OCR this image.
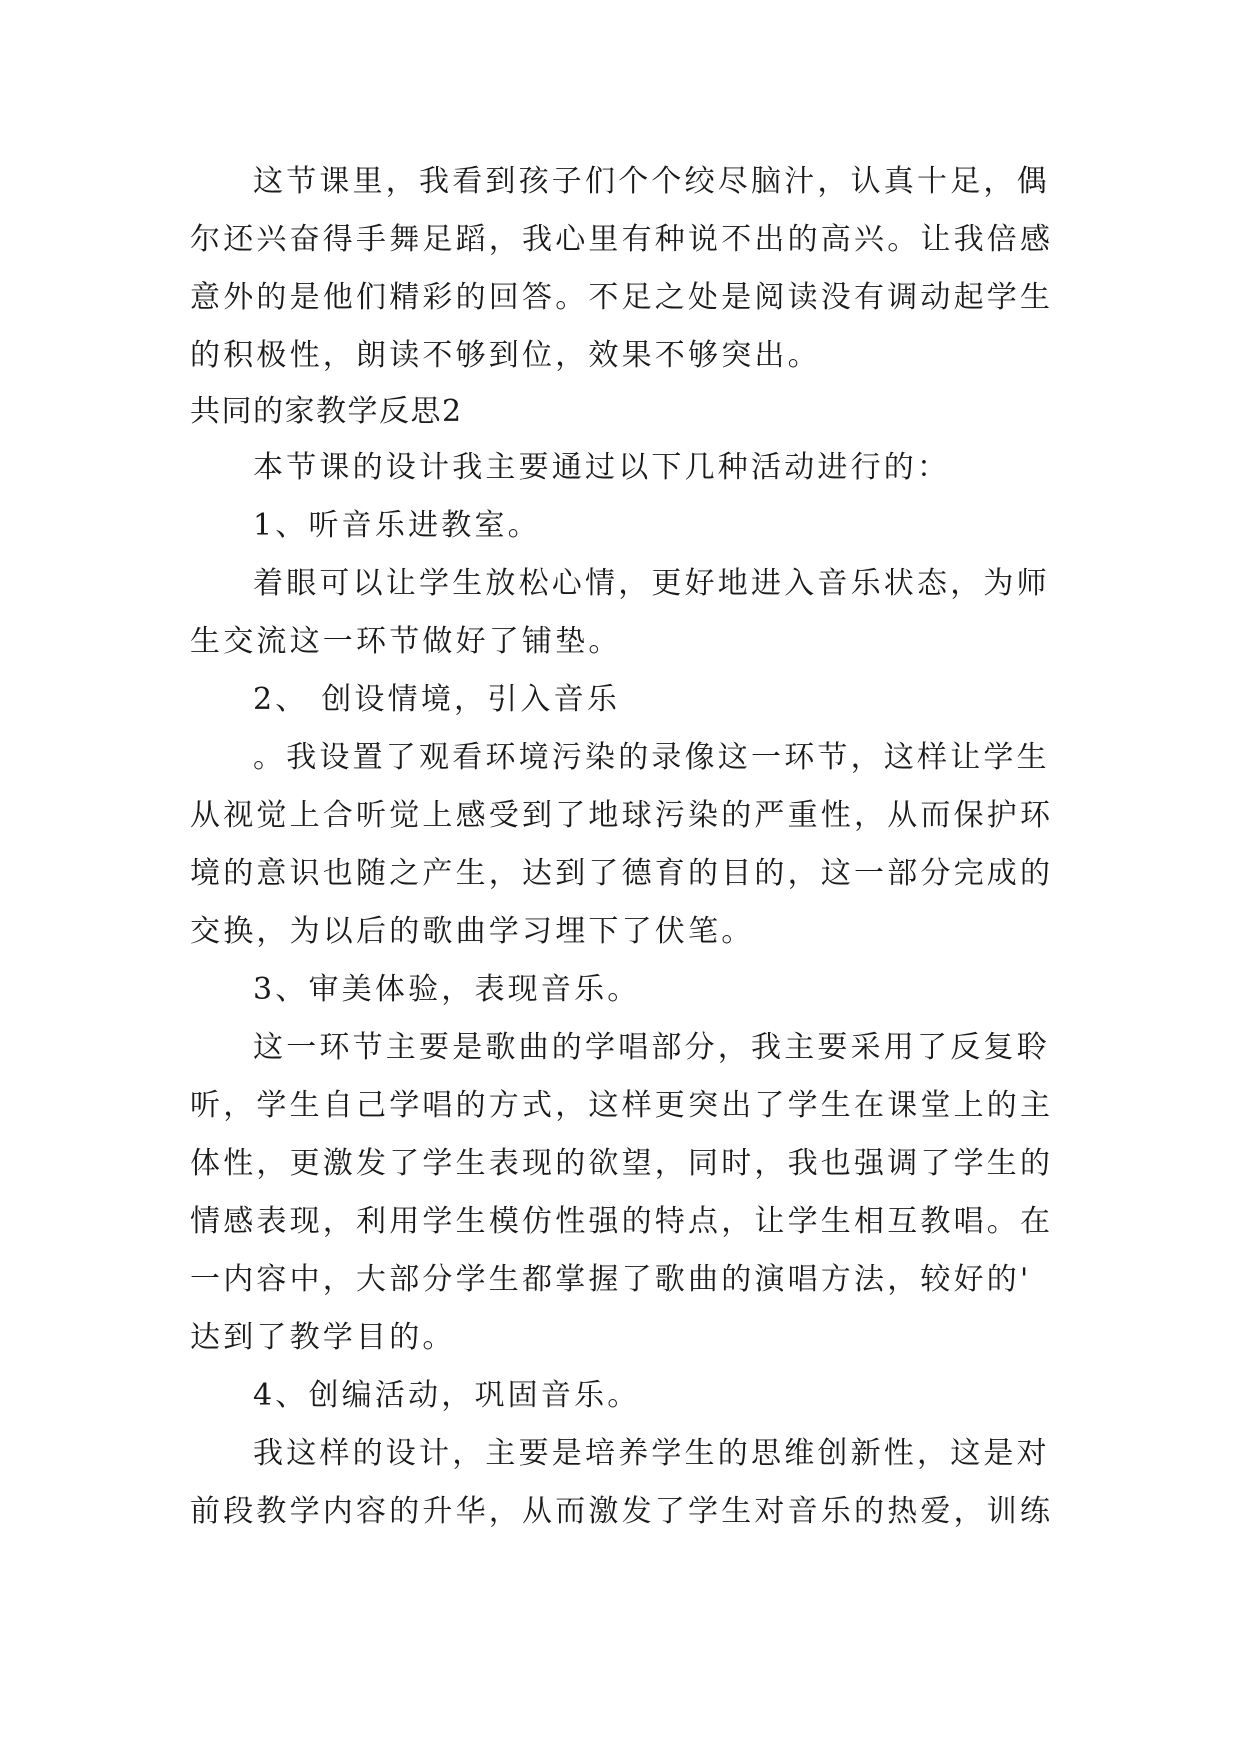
这节课里，我看到孩子们个个绞尽脑汁，认真十足，偶
尔还兴奋得手舞足蹈，我心里有种说不出的高兴。让我倍感
意外的是他们精彩的回答。不足之处是阅读没有调动起学生
的积极性，朗读不够到位，效果不够突出。
共同的家教学反思2
本节课的设计我主要通过以下几种活动进行的：
1、听音乐进教室。
着眼可以让学生放松心情，更好地进入音乐状态，为师
生交流这一环节做好了铺垫。
2、 创设情境，引入音乐
。我设置了观看环境污染的录像这一环节，这样让学生
从视觉上合听觉上感受到了地球污染的严重性，从而保护环
境的意识也随之产生，达到了德育的目的，这一部分完成的
交换，为以后的歌曲学习埋下了伏笔。
3、审美体验，表现音乐。
这一环节主要是歌曲的学唱部分，我主要采用了反复聆
听，学生自己学唱的方式，这样更突出了学生在课堂上的主
体性，更激发了学生表现的欲望，同时，我也强调了学生的
情感表现，利用学生模仿性强的特点，让学生相互教唱。在
一内容中，大部分学生都掌握了歌曲的演唱方法，较好的'
达到了教学目的。
4、创编活动，巩固音乐。
我这样的设计，主要是培养学生的思维创新性，这是对
前段教学内容的升华，从而激发了学生对音乐的热爱，训练
